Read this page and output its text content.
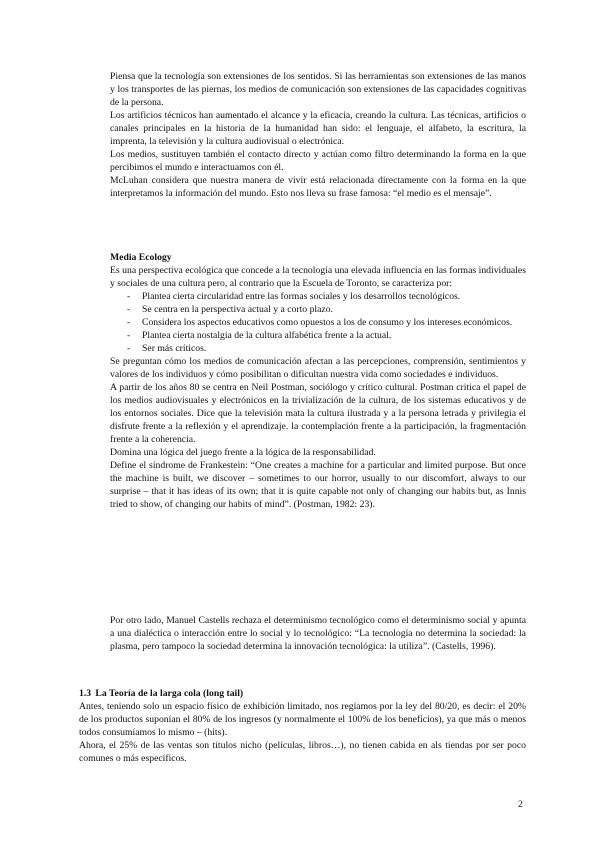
Piensa que la tecnología son extensiones de los sentidos. Si las herramientas son extensiones de las manos y los transportes de las piernas, los medios de comunicación son extensiones de las capacidades cognitivas de la persona.

Los artificios técnicos han aumentado el alcance y la eficacia, creando la cultura. Las técnicas, artificios o canales principales en la historia de la humanidad han sido: el lenguaje, el alfabeto, la escritura, la imprenta, la televisión y la cultura audiovisual o electrónica.

Los medios, sustituyen también el contacto directo y actúan como filtro determinando la forma en la que percibimos el mundo e interactuamos con él.

McLuhan considera que nuestra manera de vivir está relacionada directamente con la forma en la que interpretamos la información del mundo. Esto nos lleva su frase famosa: “el medio es el mensaje”.

Media Ecology

Es una perspectiva ecológica que concede a la tecnología una elevada influencia en las formas individuales y sociales de una cultura pero, al contrario que la Escuela de Toronto, se caracteriza por:

- Plantea cierta circularidad entre las formas sociales y los desarrollos tecnológicos.
- Se centra en la perspectiva actual y a corto plazo.
- Considera los aspectos educativos como opuestos a los de consumo y los intereses económicos.
- Plantea cierta nostalgia de la cultura alfabética frente a la actual.
- Ser más críticos.

Se preguntan cómo los medios de comunicación afectan a las percepciones, comprensión, sentimientos y valores de los individuos y cómo posibilitan o dificultan nuestra vida como sociedades e individuos.

A partir de los años 80 se centra en Neil Postman, sociólogo y crítico cultural. Postman critica el papel de los medios audiovisuales y electrónicos en la trivialización de la cultura, de los sistemas educativos y de los entornos sociales. Dice que la televisión mata la cultura ilustrada y a la persona letrada y privilegia el disfrute frente a la reflexión y el aprendizaje. la contemplación frente a la participación, la fragmentación frente a la coherencia.

Domina una lógica del juego frente a la lógica de la responsabilidad.

Define el síndrome de Frankestein: “One creates a machine for a particular and limited purpose. But once the machine is built, we discover – sometimes to our horror, usually to our discomfort, always to our surprise – that it has ideas of its own; that it is quite capable not only of changing our habits but, as Innis tried to show, of changing our habits of mind”. (Postman, 1982: 23).

Por otro lado, Manuel Castells rechaza el determinismo tecnológico como el determinismo social y apunta a una dialéctica o interacción entre lo social y lo tecnológico: “La tecnología no determina la sociedad: la plasma, pero tampoco la sociedad determina la innovación tecnológica: la utiliza”. (Castells, 1996).

1.3 La Teoría de la larga cola (long tail)

Antes, teniendo solo un espacio físico de exhibición limitado, nos regíamos por la ley del 80/20, es decir: el 20% de los productos suponían el 80% de los ingresos (y normalmente el 100% de los beneficios), ya que más o menos todos consumíamos lo mismo – (hits).

Ahora, el 25% de las ventas son títulos nicho (películas, libros…), no tienen cabida en als tiendas por ser poco comunes o más específicos.

2
